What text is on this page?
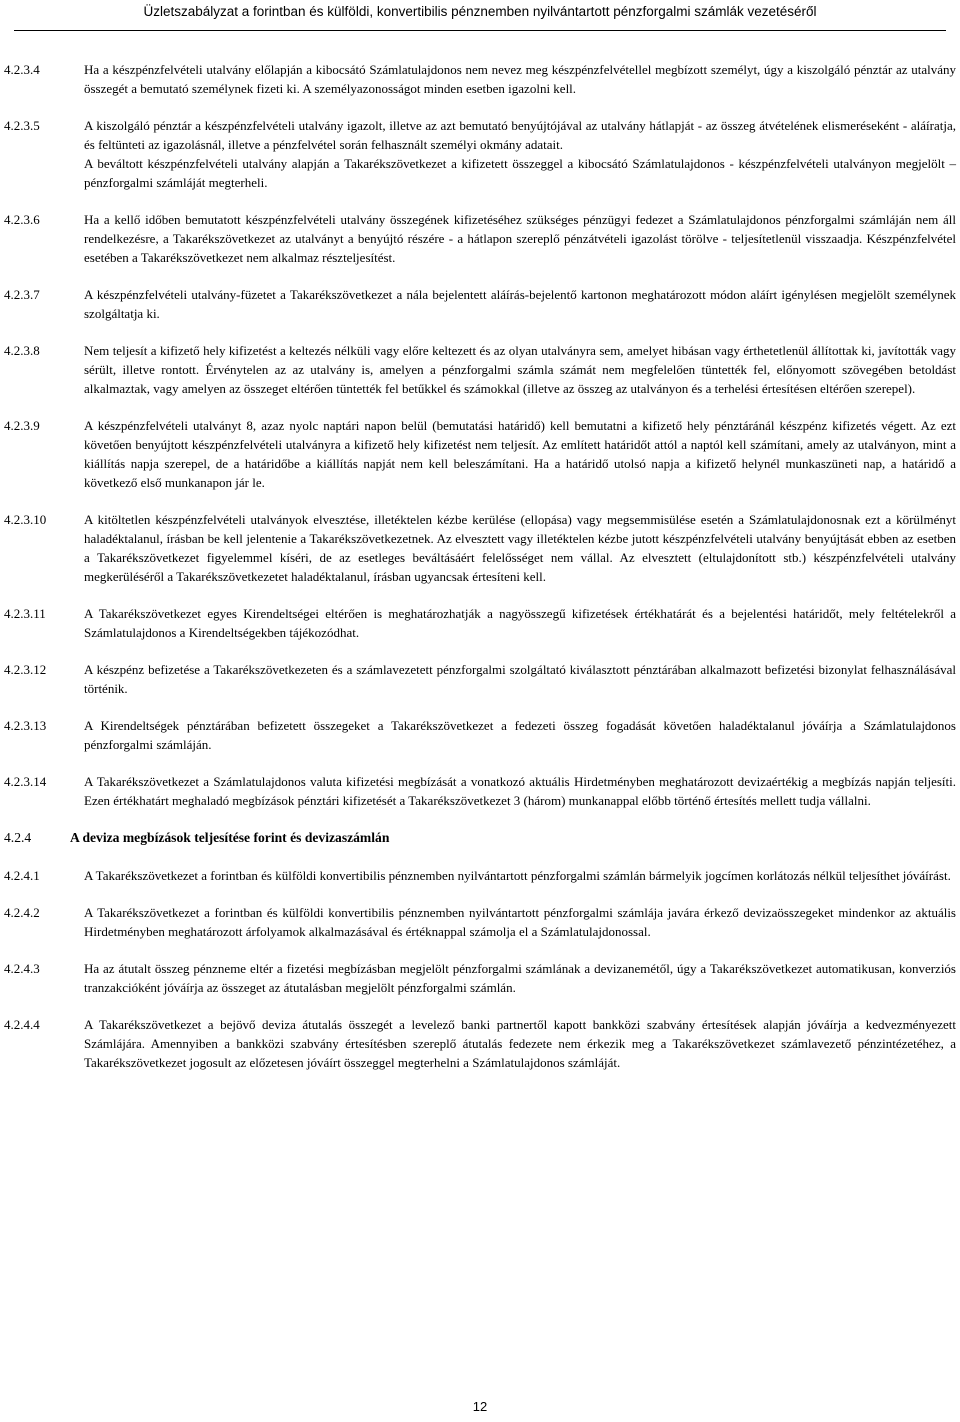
Üzletszabályzat a forintban és külföldi, konvertibilis pénznemben nyilvántartott pénzforgalmi számlák vezetéséről
4.2.3.4	Ha a készpénzfelvételi utalvány előlapján a kibocsátó Számlatulajdonos nem nevez meg készpénzfelvétellel megbízott személyt, úgy a kiszolgáló pénztár az utalvány összegét a bemutató személynek fizeti ki. A személyazonosságot minden esetben igazolni kell.
4.2.3.5	A kiszolgáló pénztár a készpénzfelvételi utalvány igazolt, illetve az azt bemutató benyújtójával az utalvány hátlapját - az összeg átvételének elismeréseként - aláíratja, és feltünteti az igazolásnál, illetve a pénzfelvétel során felhasznált személyi okmány adatait.

A beváltott készpénzfelvételi utalvány alapján a Takarékszövetkezet a kifizetett összeggel a kibocsátó Számlatulajdonos - készpénzfelvételi utalványon megjelölt – pénzforgalmi számláját megterheli.

4.2.3.6	Ha a kellő időben bemutatott készpénzfelvételi utalvány összegének kifizetéséhez szükséges pénzügyi fedezet a Számlatulajdonos pénzforgalmi számláján nem áll rendelkezésre, a Takarékszövetkezet az utalványt a benyújtó részére - a hátlapon szereplő pénzátvételi igazolást törölve - teljesítetlenül visszaadja. Készpénzfelvétel esetében a Takarékszövetkezet nem alkalmaz részteljesítést.
4.2.3.7	A készpénzfelvételi utalvány-füzetet a Takarékszövetkezet a nála bejelentett aláírás-bejelentő kartonon meghatározott módon aláírt igénylésen megjelölt személynek szolgáltatja ki.
4.2.3.8	Nem teljesít a kifizető hely kifizetést a keltezés nélküli vagy előre keltezett és az olyan utalványra sem, amelyet hibásan vagy érthetetlenül állítottak ki, javították vagy sérült, illetve rontott. Érvénytelen az az utalvány is, amelyen a pénzforgalmi számla számát nem megfelelően tüntették fel, előnyomott szövegében betoldást alkalmaztak, vagy amelyen az összeget eltérően tüntették fel betűkkel és számokkal (illetve az összeg az utalványon és a terhelési értesítésen eltérően szerepel).
4.2.3.9	A készpénzfelvételi utalványt 8, azaz nyolc naptári napon belül (bemutatási határidő) kell bemutatni a kifizető hely pénztáránál készpénz kifizetés végett. Az ezt követően benyújtott készpénzfelvételi utalványra a kifizető hely kifizetést nem teljesít. Az említett határidőt attól a naptól kell számítani, amely az utalványon, mint a kiállítás napja szerepel, de a határidőbe a kiállítás napját nem kell beleszámítani. Ha a határidő utolsó napja a kifizető helynél munkaszüneti nap, a határidő a következő első munkanapon jár le.
4.2.3.10	A kitöltetlen készpénzfelvételi utalványok elvesztése, illetéktelen kézbe kerülése (ellopása) vagy megsemmisülése esetén a Számlatulajdonosnak ezt a körülményt haladéktalanul, írásban be kell jelentenie a Takarékszövetkezetnek. Az elvesztett vagy illetéktelen kézbe jutott készpénzfelvételi utalvány benyújtását ebben az esetben a Takarékszövetkezet figyelemmel kíséri, de az esetleges beváltásáért felelősséget nem vállal. Az elvesztett (eltulajdonított stb.) készpénzfelvételi utalvány megkerüléséről a Takarékszövetkezetet haladéktalanul, írásban ugyancsak értesíteni kell.
4.2.3.11	A Takarékszövetkezet egyes Kirendeltségei eltérően is meghatározhatják a nagyösszegű kifizetések értékhatárát és a bejelentési határidőt, mely feltételekről a Számlatulajdonos a Kirendeltségekben tájékozódhat.
4.2.3.12	A készpénz befizetése a Takarékszövetkezeten és a számlavezetett pénzforgalmi szolgáltató kiválasztott pénztárában alkalmazott befizetési bizonylat felhasználásával történik.
4.2.3.13	A Kirendeltségek pénztárában befizetett összegeket a Takarékszövetkezet a fedezeti összeg fogadását követően haladéktalanul jóváírja a Számlatulajdonos pénzforgalmi számláján.
4.2.3.14	A Takarékszövetkezet a Számlatulajdonos valuta kifizetési megbízását a vonatkozó aktuális Hirdetményben meghatározott devizaértékig a megbízás napján teljesíti. Ezen értékhatárt meghaladó megbízások pénztári kifizetését a Takarékszövetkezet 3 (három) munkanappal előbb történő értesítés mellett tudja vállalni.
4.2.4	A deviza megbízások teljesítése forint és devizaszámlán
4.2.4.1	A Takarékszövetkezet a forintban és külföldi konvertibilis pénznemben nyilvántartott pénzforgalmi számlán bármelyik jogcímen korlátozás nélkül teljesíthet jóváírást.
4.2.4.2	A Takarékszövetkezet a forintban és külföldi konvertibilis pénznemben nyilvántartott pénzforgalmi számlája javára érkező devizaösszegeket mindenkor az aktuális Hirdetményben meghatározott árfolyamok alkalmazásával és értéknappal számolja el a Számlatulajdonossal.
4.2.4.3	Ha az átutalt összeg pénzneme eltér a fizetési megbízásban megjelölt pénzforgalmi számlának a devizanemétől, úgy a Takarékszövetkezet automatikusan, konverziós tranzakcióként jóváírja az összeget az átutalásban megjelölt pénzforgalmi számlán.
4.2.4.4	A Takarékszövetkezet a bejövő deviza átutalás összegét a levelező banki partnertől kapott bankközi szabvány értesítések alapján jóváírja a kedvezményezett Számlájára. Amennyiben a bankközi szabvány értesítésben szereplő átutalás fedezete nem érkezik meg a Takarékszövetkezet számlavezető pénzintézetéhez, a Takarékszövetkezet jogosult az előzetesen jóváírt összeggel megterhelni a Számlatulajdonos számláját.
12
